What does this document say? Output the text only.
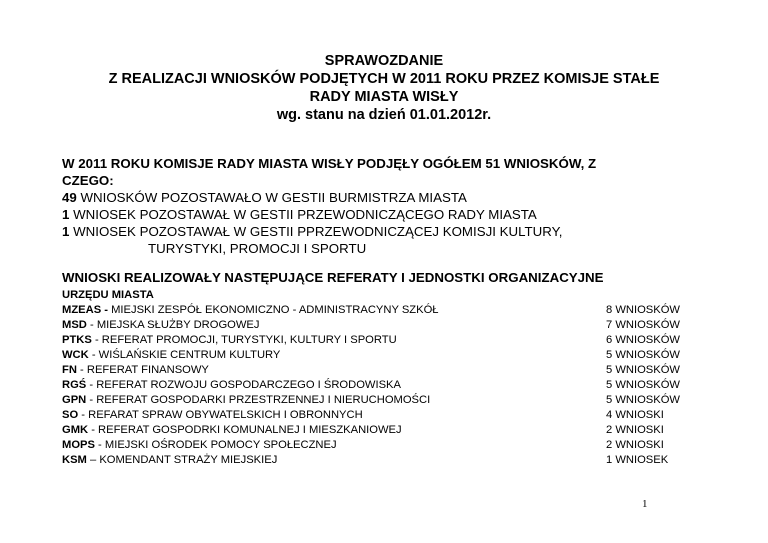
SPRAWOZDANIE
Z REALIZACJI WNIOSKÓW PODJĘTYCH W 2011 ROKU PRZEZ KOMISJE STAŁE
RADY MIASTA WISŁY
wg. stanu na dzień 01.01.2012r.
W 2011 ROKU KOMISJE RADY MIASTA WISŁY PODJĘŁY OGÓŁEM 51 WNIOSKÓW, Z
CZEGO:
49 WNIOSKÓW POZOSTAWAŁO W GESTII BURMISTRZA MIASTA
1 WNIOSEK POZOSTAWAŁ W GESTII PRZEWODNICZĄCEGO RADY MIASTA
1 WNIOSEK POZOSTAWAŁ W GESTII PPRZEWODNICZĄCEJ KOMISJI KULTURY,
TURYSTYKI, PROMOCJI I SPORTU
WNIOSKI REALIZOWAŁY NASTĘPUJĄCE REFERATY I JEDNOSTKI ORGANIZACYJNE
URZĘDU MIASTA
MZEAS - MIEJSKI ZESPÓŁ EKONOMICZNO - ADMINISTRACYNY SZKÓŁ	8 WNIOSKÓW
MSD - MIEJSKA SŁUŻBY DROGOWEJ	7 WNIOSKÓW
PTKS - REFERAT PROMOCJI, TURYSTYKI, KULTURY I SPORTU	6 WNIOSKÓW
WCK - WIŚLAŃSKIE CENTRUM KULTURY	5 WNIOSKÓW
FN - REFERAT FINANSOWY	5 WNIOSKÓW
RGŚ - REFERAT ROZWOJU GOSPODARCZEGO I ŚRODOWISKA	5 WNIOSKÓW
GPN - REFERAT GOSPODARKI PRZESTRZENNEJ I NIERUCHOMOŚCI	5 WNIOSKÓW
SO - REFARAT SPRAW OBYWATELSKICH I OBRONNYCH	4 WNIOSKI
GMK - REFERAT GOSPODRKI KOMUNALNEJ I MIESZKANIOWEJ	2 WNIOSKI
MOPS - MIEJSKI OŚRODEK POMOCY SPOŁECZNEJ	2 WNIOSKI
KSM – KOMENDANT STRAŻY MIEJSKIEJ	1 WNIOSEK
1
